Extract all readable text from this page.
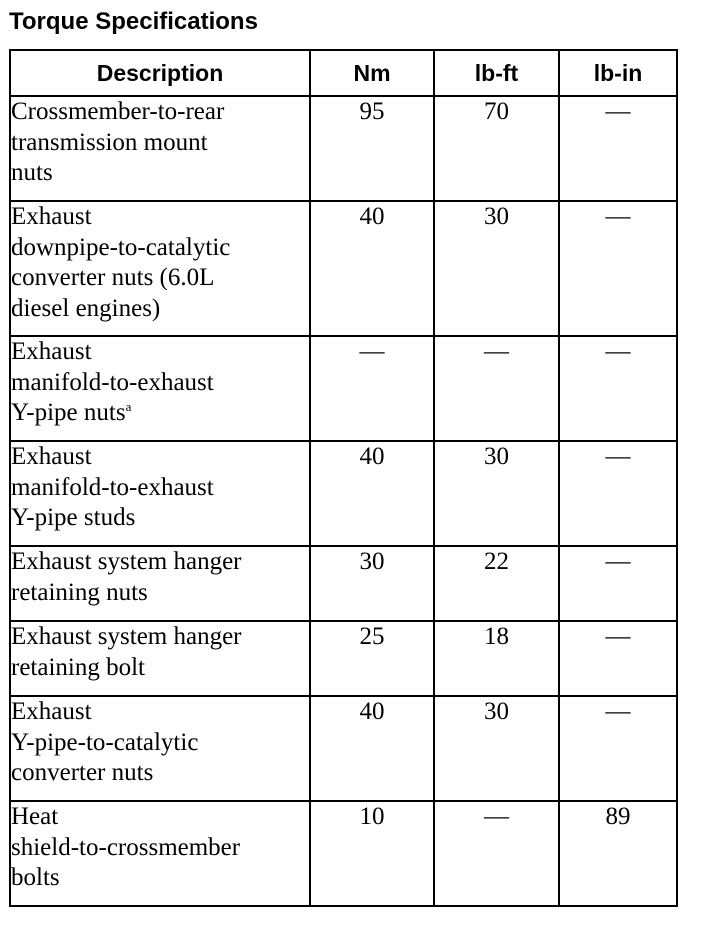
Torque Specifications
Description	Nm	lb-ft	lb-in

Crossmember-to-rear
transmission mount
nuts	95	70	—

Exhaust
downpipe-to-catalytic
converter nuts (6.0L
diesel engines)	40	30	—

Exhaust
manifold-to-exhaust
Y-pipe nuts$^a$	—	—	—

Exhaust
manifold-to-exhaust
Y-pipe studs	40	30	—

Exhaust system hanger
retaining nuts	30	22	—

Exhaust system hanger
retaining bolt	25	18	—

Exhaust
Y-pipe-to-catalytic
converter nuts	40	30	—

Heat
shield-to-crossmember
bolts	10	—	89
